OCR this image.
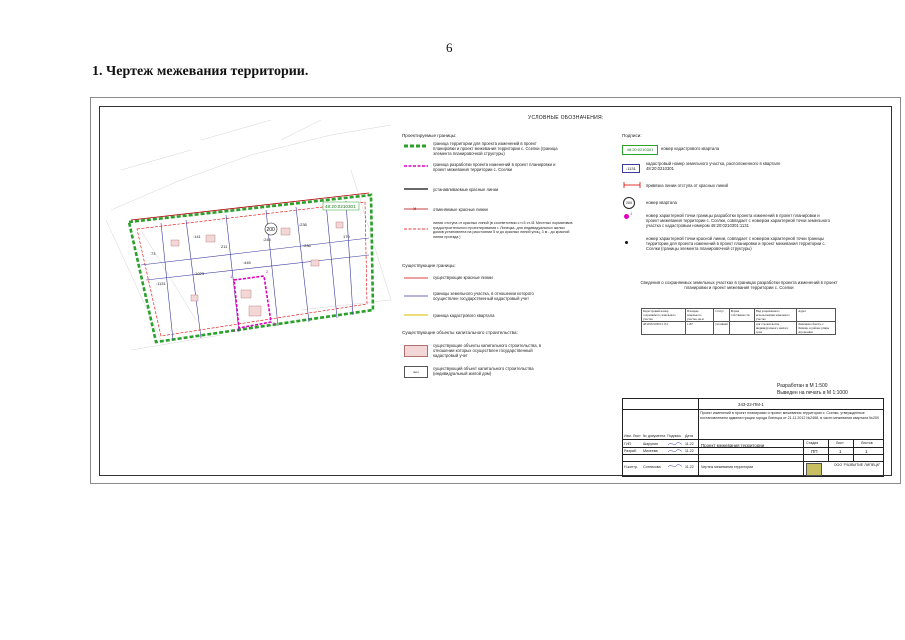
6
1. Чертеж межевания территории.
48:20:0210301
200
:141
211
:1023
:245
:238
:236
170
:445
:1131
73
1
2
3
4
УСЛОВНЫЕ ОБОЗНАЧЕНИЯ:
Проектируемые границы:
×
граница территории для проекта изменений в проект планировки и проект межевания территории с. Сселки (граница элемента планировочной структуры)
граница разработки проекта изменений в проект планировки и проект межевания территории с. Сселки
устанавливаемые красные линии
отменяемые красные линии
линии отступа от красных линий (в соответствии с п.5 ст.41 Местных нормативов градостроительного проектирования г. Липецка, для индивидуальных жилых домов установлена на расстоянии 5 м до красных линий улиц, 3 м - до красной линии проезда )
Существующие границы:
существующие красные линии
границы земельного участка, в отношении которого осуществлен государственный кадастровый учет
граница кадастрового квартала
Существующие объекты капитального строительства:
жил
существующие объекты капитального строительства, в отношении которых осуществлен государственный кадастровый учет
существующий объект капитального строительства (индивидуальный жилой дом)
Подписи:
48:20:0210301	номер кадастрового квартала
:1131
кадастровый номер земельного участка, расположенного в квартале 48:20:0210301
привязка линии отступа от красных линий
200	номер квартала
1	номер характерной точки границы разработки проекта изменений в проект планировки и проект межевания территории с. Сселки, совпадает с номером характерной точки земельного участка с кадастровым номером 48:20:0210301:1131
номер характерной точки красной линии, совпадает с номером характерной точки границы территории для проекта изменений в проект планировки и проект межевания территории с. Сселки (границы элемента планировочной структуры)
Сведения о сохраняемых земельных участках в границах разработки проекта изменений в проект планировки и проект межевания территории с. Сселки
Кадастровый номер сохраняемого земельного участка	Площадь земельного участка, кв.м	Статус	Форма собственности	Вид разрешенного использования земельного участка	Адрес
48:20:0210301:1131	1167	учтенный	-	для строительства индивидуального жилого дома	Липецкая область, г. Липецк, в районе улицы Агрономии
Разработан в М 1:500
Выведен на печать в М 1:1000
343-22-ПМ-1
Проект изменений в проект планировки и проект межевания территории с. Сселки, утвержденные постановлением администрации города Липецка от 21.11.2012 №2468, в части межевания квартала №200
Изм. Лист № документа Подпись Дата
ГИП	Шарунин	11.22
Разраб. Михеева	11.22
Н.контр. Сотникова	11.22
Проект межевания территории
Чертеж межевания территории
Стадия	Лист	Листов
ПП	1	1
ООО "РАЗВИТИЕ ЛИПЕЦК"
